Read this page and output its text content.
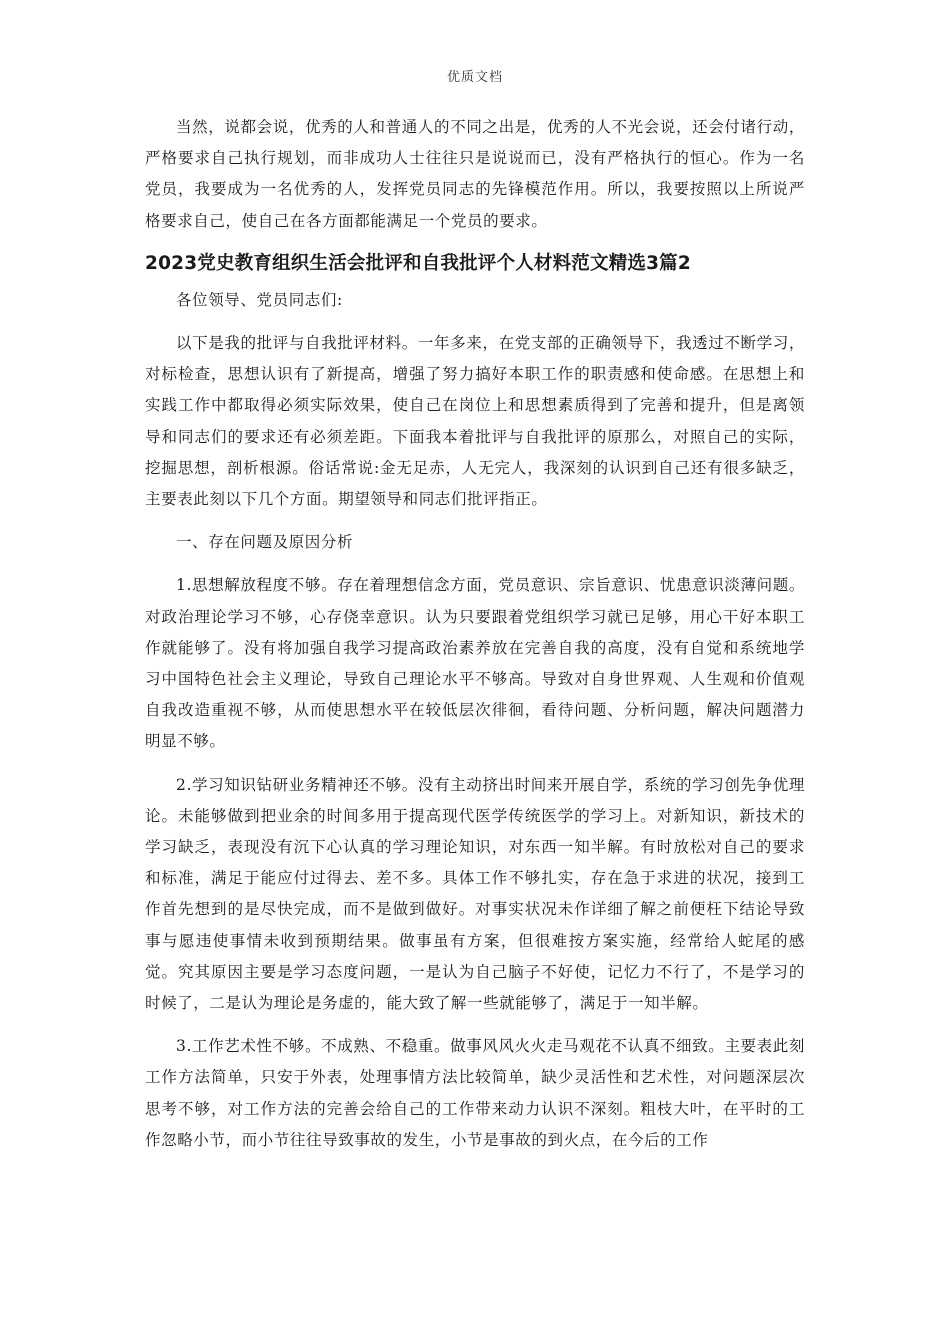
优质文档

当然，说都会说，优秀的人和普通人的不同之出是，优秀的人不光会说，还会付诸行动，严格要求自己执行规划，而非成功人士往往只是说说而已，没有严格执行的恒心。作为一名党员，我要成为一名优秀的人，发挥党员同志的先锋模范作用。所以，我要按照以上所说严格要求自己，使自己在各方面都能满足一个党员的要求。

2023党史教育组织生活会批评和自我批评个人材料范文精选3篇2

各位领导、党员同志们:

以下是我的批评与自我批评材料。一年多来，在党支部的正确领导下，我透过不断学习，对标检查，思想认识有了新提高，增强了努力搞好本职工作的职责感和使命感。在思想上和实践工作中都取得必须实际效果，使自己在岗位上和思想素质得到了完善和提升，但是离领导和同志们的要求还有必须差距。下面我本着批评与自我批评的原那么，对照自己的实际，挖掘思想，剖析根源。俗话常说:金无足赤，人无完人，我深刻的认识到自己还有很多缺乏，主要表此刻以下几个方面。期望领导和同志们批评指正。

一、存在问题及原因分析

1.思想解放程度不够。存在着理想信念方面，党员意识、宗旨意识、忧患意识淡薄问题。对政治理论学习不够，心存侥幸意识。认为只要跟着党组织学习就已足够，用心干好本职工作就能够了。没有将加强自我学习提高政治素养放在完善自我的高度，没有自觉和系统地学习中国特色社会主义理论，导致自己理论水平不够高。导致对自身世界观、人生观和价值观自我改造重视不够，从而使思想水平在较低层次徘徊，看待问题、分析问题，解决问题潜力明显不够。

2.学习知识钻研业务精神还不够。没有主动挤出时间来开展自学，系统的学习创先争优理论。未能够做到把业余的时间多用于提高现代医学传统医学的学习上。对新知识，新技术的学习缺乏，表现没有沉下心认真的学习理论知识，对东西一知半解。有时放松对自己的要求和标准，满足于能应付过得去、差不多。具体工作不够扎实，存在急于求进的状况，接到工作首先想到的是尽快完成，而不是做到做好。对事实状况未作详细了解之前便枉下结论导致事与愿违使事情未收到预期结果。做事虽有方案，但很难按方案实施，经常给人蛇尾的感觉。究其原因主要是学习态度问题，一是认为自己脑子不好使，记忆力不行了，不是学习的时候了，二是认为理论是务虚的，能大致了解一些就能够了，满足于一知半解。

3.工作艺术性不够。不成熟、不稳重。做事风风火火走马观花不认真不细致。主要表此刻工作方法简单，只安于外表，处理事情方法比较简单，缺少灵活性和艺术性，对问题深层次思考不够，对工作方法的完善会给自己的工作带来动力认识不深刻。粗枝大叶，在平时的工作忽略小节，而小节往往导致事故的发生，小节是事故的到火点，在今后的工作
